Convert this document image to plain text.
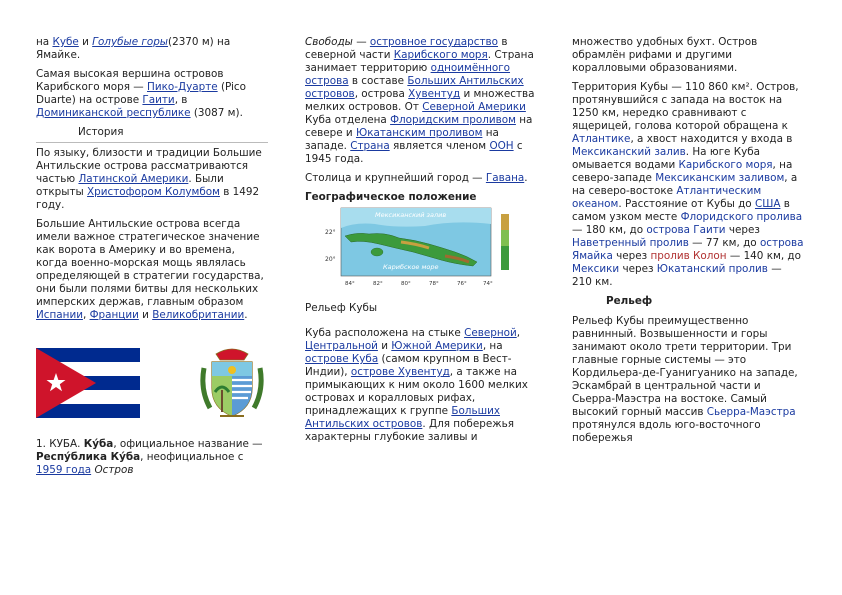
на Кубе и Голубые горы(2370 м) на Ямайке.

Самая высокая вершина островов Карибского моря — Пико-Дуарте (Pico Duarte) на острове Гаити, в Доминиканской республике (3087 м).

История

По языку, близости и традиции Большие Антильские острова рассматриваются частью Латинской Америки. Были открыты Христофором Колумбом в 1492 году.

Большие Антильские острова всегда имели важное стратегическое значение как ворота в Америку и во времена, когда военно-морская мощь являлась определяющей в стратегии государства, они были полями битвы для нескольких имперских держав, главным образом Испании, Франции и Великобритании.

1. КУБА. Ку́ба, официальное название — Респу́блика Ку́ба, неофициальное с 1959 года Остров

Свободы — островное государство в северной части Карибского моря. Страна занимает территорию одноимённого острова в составе Больших Антильских островов, острова Хувентуд и множества мелких островов. От Северной Америки Куба отделена Флоридским проливом на севере и Юкатанским проливом на западе. Страна является членом ООН с 1945 года.

Столица и крупнейший город — Гавана.

Географическое положение
Мексиканский залив
Карибское море
22°
20°
84°	82°	80°	78°	76°	74°

Рельеф Кубы

Куба расположена на стыке Северной, Центральной и Южной Америки, на острове Куба (самом крупном в Вест-Индии), острове Хувентуд, а также на примыкающих к ним около 1600 мелких островах и коралловых рифах, принадлежащих к группе Больших Антильских островов. Для побережья характерны глубокие заливы и

множество удобных бухт. Остров обрамлён рифами и другими коралловыми образованиями.

Территория Кубы — 110 860 км². Остров, протянувшийся с запада на восток на 1250 км, нередко сравнивают с ящерицей, голова которой обращена к Атлантике, а хвост находится у входа в Мексиканский залив. На юге Куба омывается водами Карибского моря, на северо-западе Мексиканским заливом, а на северо-востоке Атлантическим океаном. Расстояние от Кубы до США в самом узком месте Флоридского пролива — 180 км, до острова Гаити через Наветренный пролив — 77 км, до острова Ямайка через пролив Колон — 140 км, до Мексики через Юкатанский пролив — 210 км.

Рельеф

Рельеф Кубы преимущественно равнинный. Возвышенности и горы занимают около трети территории. Три главные горные системы — это Кордильера-де-Гуанигуанико на западе, Эскамбрай в центральной части и Сьерра-Маэстра на востоке. Самый высокий горный массив Сьерра-Маэстра протянулся вдоль юго-восточного побережья
